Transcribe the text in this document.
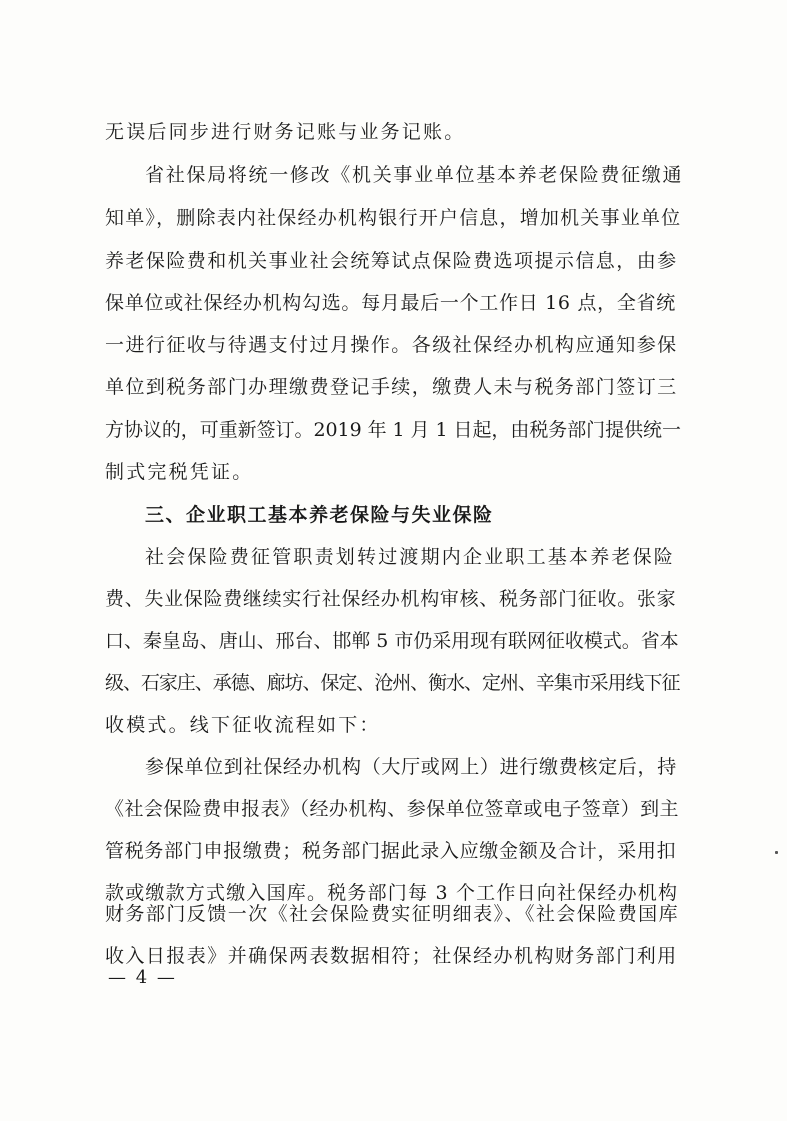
无误后同步进行财务记账与业务记账。
省社保局将统一修改《机关事业单位基本养老保险费征缴通
知单》，删除表内社保经办机构银行开户信息，增加机关事业单位
养老保险费和机关事业社会统筹试点保险费选项提示信息，由参
保单位或社保经办机构勾选。每月最后一个工作日 16 点，全省统
一进行征收与待遇支付过月操作。各级社保经办机构应通知参保
单位到税务部门办理缴费登记手续，缴费人未与税务部门签订三
方协议的，可重新签订。2019 年 1 月 1 日起，由税务部门提供统一
制式完税凭证。
三、企业职工基本养老保险与失业保险
社会保险费征管职责划转过渡期内企业职工基本养老保险
费、失业保险费继续实行社保经办机构审核、税务部门征收。张家
口、秦皇岛、唐山、邢台、邯郸 5 市仍采用现有联网征收模式。省本
级、石家庄、承德、廊坊、保定、沧州、衡水、定州、辛集市采用线下征
收模式。线下征收流程如下：
参保单位到社保经办机构（大厅或网上）进行缴费核定后，持
《社会保险费申报表》（经办机构、参保单位签章或电子签章）到主
管税务部门申报缴费；税务部门据此录入应缴金额及合计，采用扣
款或缴款方式缴入国库。税务部门每 3 个工作日向社保经办机构
财务部门反馈一次《社会保险费实征明细表》、《社会保险费国库
收入日报表》并确保两表数据相符；社保经办机构财务部门利用
— 4 —
